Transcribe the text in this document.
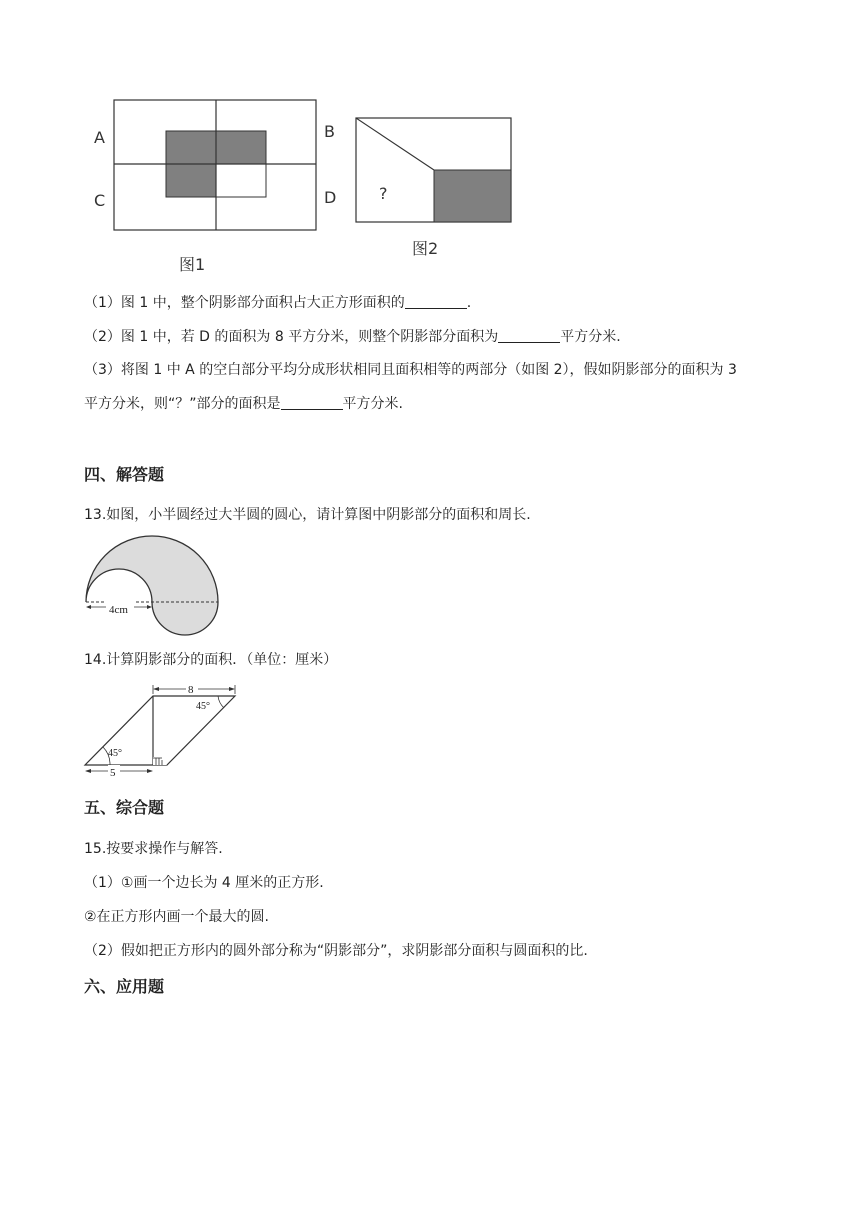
A
C
图1
B
D	?
图2
（1）图 1 中，整个阴影部分面积占大正方形面积的	.
（2）图 1 中，若 D 的面积为 8 平方分米，则整个阴影部分面积为	平方分米.
（3）将图 1 中 A 的空白部分平均分成形状相同且面积相等的两部分（如图 2），假如阴影部分的面积为 3
平方分米，则“？”部分的面积是	平方分米.
四、解答题
13.如图，小半圆经过大半圆的圆心，请计算图中阴影部分的面积和周长.
4cm
14.计算阴影部分的面积．（单位：厘米）
8
5
45°
45°
五、综合题
15.按要求操作与解答.
（1）①画一个边长为 4 厘米的正方形.
②在正方形内画一个最大的圆.
（2）假如把正方形内的圆外部分称为“阴影部分”，求阴影部分面积与圆面积的比.
六、应用题
